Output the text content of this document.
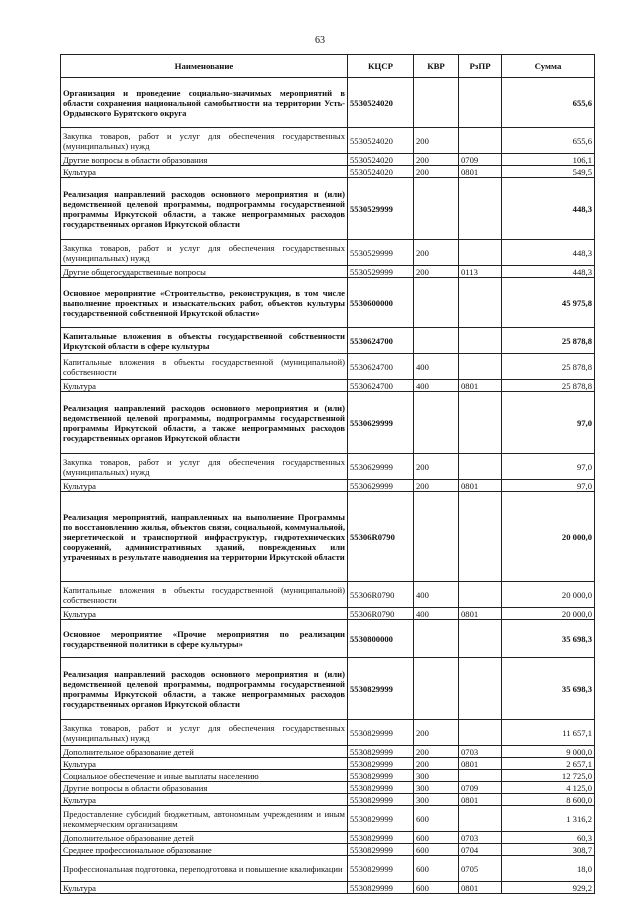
63
Наименование	КЦСР	КВР	РзПР	Сумма
Организация и проведение социально-значимых мероприятий в области сохранения национальной самобытности на территории Усть-Ордынского Бурятского округа	5530524020			655,6
Закупка товаров, работ и услуг для обеспечения государственных (муниципальных) нужд	5530524020	200		655,6
Другие вопросы в области образования	5530524020	200	0709	106,1
Культура	5530524020	200	0801	549,5
Реализация направлений расходов основного мероприятия и (или) ведомственной целевой программы, подпрограммы государственной программы Иркутской области, а также непрограммных расходов государственных органов Иркутской области	5530529999			448,3
Закупка товаров, работ и услуг для обеспечения государственных (муниципальных) нужд	5530529999	200		448,3
Другие общегосударственные вопросы	5530529999	200	0113	448,3
Основное мероприятие «Строительство, реконструкция, в том числе выполнение проектных и изыскательских работ, объектов культуры государственной собственной Иркутской области»	5530600000			45 975,8
Капитальные вложения в объекты государственной собственности Иркутской области в сфере культуры	5530624700			25 878,8
Капитальные вложения в объекты государственной (муниципальной) собственности	5530624700	400		25 878,8
Культура	5530624700	400	0801	25 878,8
Реализация направлений расходов основного мероприятия и (или) ведомственной целевой программы, подпрограммы государственной программы Иркутской области, а также непрограммных расходов государственных органов Иркутской области	5530629999			97,0
Закупка товаров, работ и услуг для обеспечения государственных (муниципальных) нужд	5530629999	200		97,0
Культура	5530629999	200	0801	97,0
Реализация мероприятий, направленных на выполнение Программы по восстановлению жилья, объектов связи, социальной, коммунальной, энергетической и транспортной инфраструктур, гидротехнических сооружений, административных зданий, поврежденных или утраченных в результате наводнения на территории Иркутской области	55306R0790			20 000,0
Капитальные вложения в объекты государственной (муниципальной) собственности	55306R0790	400		20 000,0
Культура	55306R0790	400	0801	20 000,0
Основное мероприятие «Прочие мероприятия по реализации государственной политики в сфере культуры»	5530800000			35 698,3
Реализация направлений расходов основного мероприятия и (или) ведомственной целевой программы, подпрограммы государственной программы Иркутской области, а также непрограммных расходов государственных органов Иркутской области	5530829999			35 698,3
Закупка товаров, работ и услуг для обеспечения государственных (муниципальных) нужд	5530829999	200		11 657,1
Дополнительное образование детей	5530829999	200	0703	9 000,0
Культура	5530829999	200	0801	2 657,1
Социальное обеспечение и иные выплаты населению	5530829999	300		12 725,0
Другие вопросы в области образования	5530829999	300	0709	4 125,0
Культура	5530829999	300	0801	8 600,0
Предоставление субсидий бюджетным, автономным учреждениям и иным некоммерческим организациям	5530829999	600		1 316,2
Дополнительное образование детей	5530829999	600	0703	60,3
Среднее профессиональное образование	5530829999	600	0704	308,7
Профессиональная подготовка, переподготовка и повышение квалификации	5530829999	600	0705	18,0
Культура	5530829999	600	0801	929,2
